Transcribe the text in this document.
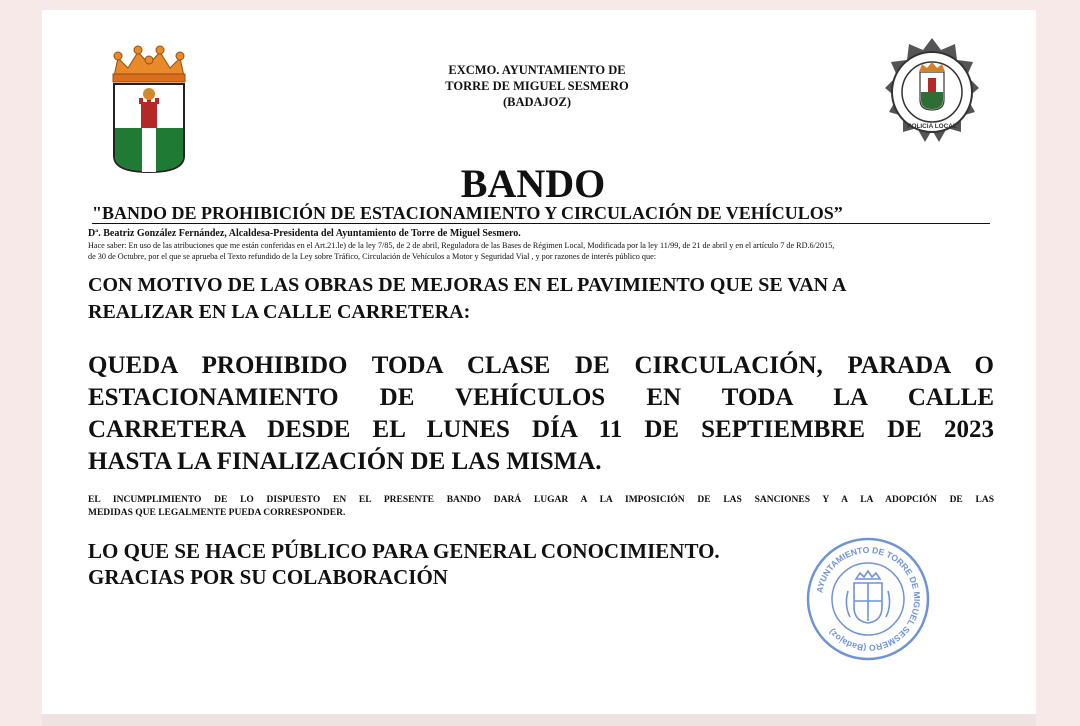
EXCMO. AYUNTAMIENTO DE
TORRE DE MIGUEL SESMERO
(BADAJOZ)
POLICIA LOCAL
BANDO
"BANDO DE PROHIBICIÓN DE ESTACIONAMIENTO Y CIRCULACIÓN DE VEHÍCULOS”
Dª. Beatriz González Fernández, Alcaldesa-Presidenta del Ayuntamiento de Torre de Miguel Sesmero.
Hace saber: En uso de las atribuciones que me están conferidas en el Art.21.le) de la ley 7/85, de 2 de abril, Reguladora de las Bases de Régimen Local, Modificada por la ley 11/99, de 21 de abril y en el artículo 7 de RD.6/2015,
de 30 de Octubre, por el que se aprueba el Texto refundido de la Ley sobre Tráfico, Circulación de Vehículos a Motor y Seguridad Vial , y por razones de interés público que:
CON MOTIVO DE LAS OBRAS DE MEJORAS EN EL PAVIMIENTO QUE SE VAN A
REALIZAR EN LA CALLE CARRETERA:
QUEDA PROHIBIDO TODA CLASE DE CIRCULACIÓN, PARADA O
ESTACIONAMIENTO DE VEHÍCULOS EN TODA LA CALLE
CARRETERA DESDE EL LUNES DÍA 11 DE SEPTIEMBRE DE 2023
HASTA LA FINALIZACIÓN DE LAS MISMA.
EL INCUMPLIMIENTO DE LO DISPUESTO EN EL PRESENTE BANDO DARÁ LUGAR A LA IMPOSICIÓN DE LAS SANCIONES Y A LA ADOPCIÓN DE LAS
MEDIDAS QUE LEGALMENTE PUEDA CORRESPONDER.
LO QUE SE HACE PÚBLICO PARA GENERAL CONOCIMIENTO.
GRACIAS POR SU COLABORACIÓN
AYUNTAMIENTO DE TORRE DE MIGUEL SESMERO (Badajoz)
